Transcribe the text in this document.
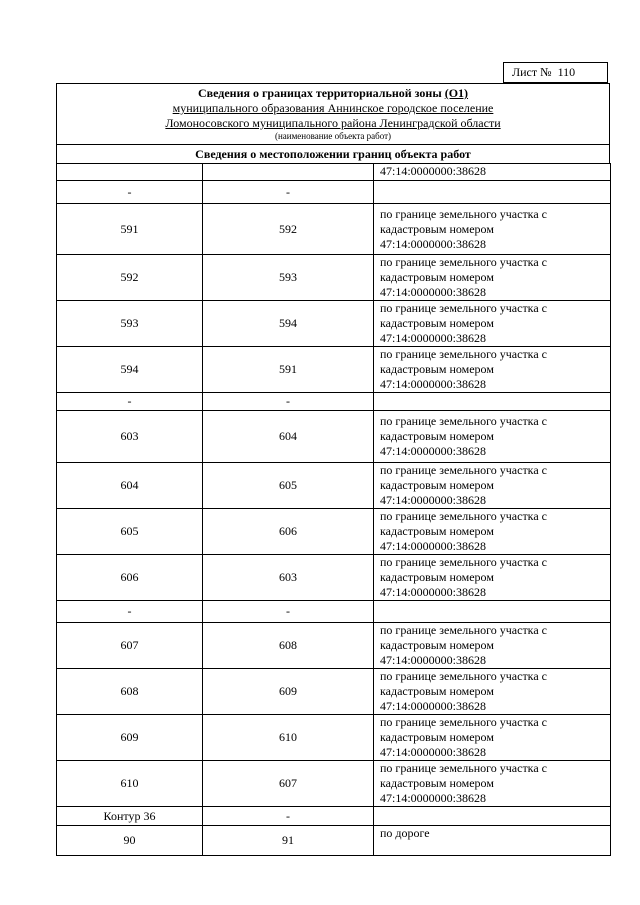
Лист № 110
Сведения о границах территориальной зоны (О1)
муниципального образования Аннинское городское поселение
Ломоносовского муниципального района Ленинградской области
(наименование объекта работ)
Сведения о местоположении границ объекта работ

		47:14:0000000:38628

-	-	
591	592	по границе земельного участка с
кадастровым номером
47:14:0000000:38628

592	593	по границе земельного участка с
кадастровым номером
47:14:0000000:38628

593	594	по границе земельного участка с
кадастровым номером
47:14:0000000:38628

594	591	по границе земельного участка с
кадастровым номером
47:14:0000000:38628

-	-	
603	604	по границе земельного участка с
кадастровым номером
47:14:0000000:38628

604	605	по границе земельного участка с
кадастровым номером
47:14:0000000:38628

605	606	по границе земельного участка с
кадастровым номером
47:14:0000000:38628

606	603	по границе земельного участка с
кадастровым номером
47:14:0000000:38628

-	-	
607	608	по границе земельного участка с
кадастровым номером
47:14:0000000:38628

608	609	по границе земельного участка с
кадастровым номером
47:14:0000000:38628

609	610	по границе земельного участка с
кадастровым номером
47:14:0000000:38628

610	607	по границе земельного участка с
кадастровым номером
47:14:0000000:38628

Контур 36	-	
90	91	по дороге
